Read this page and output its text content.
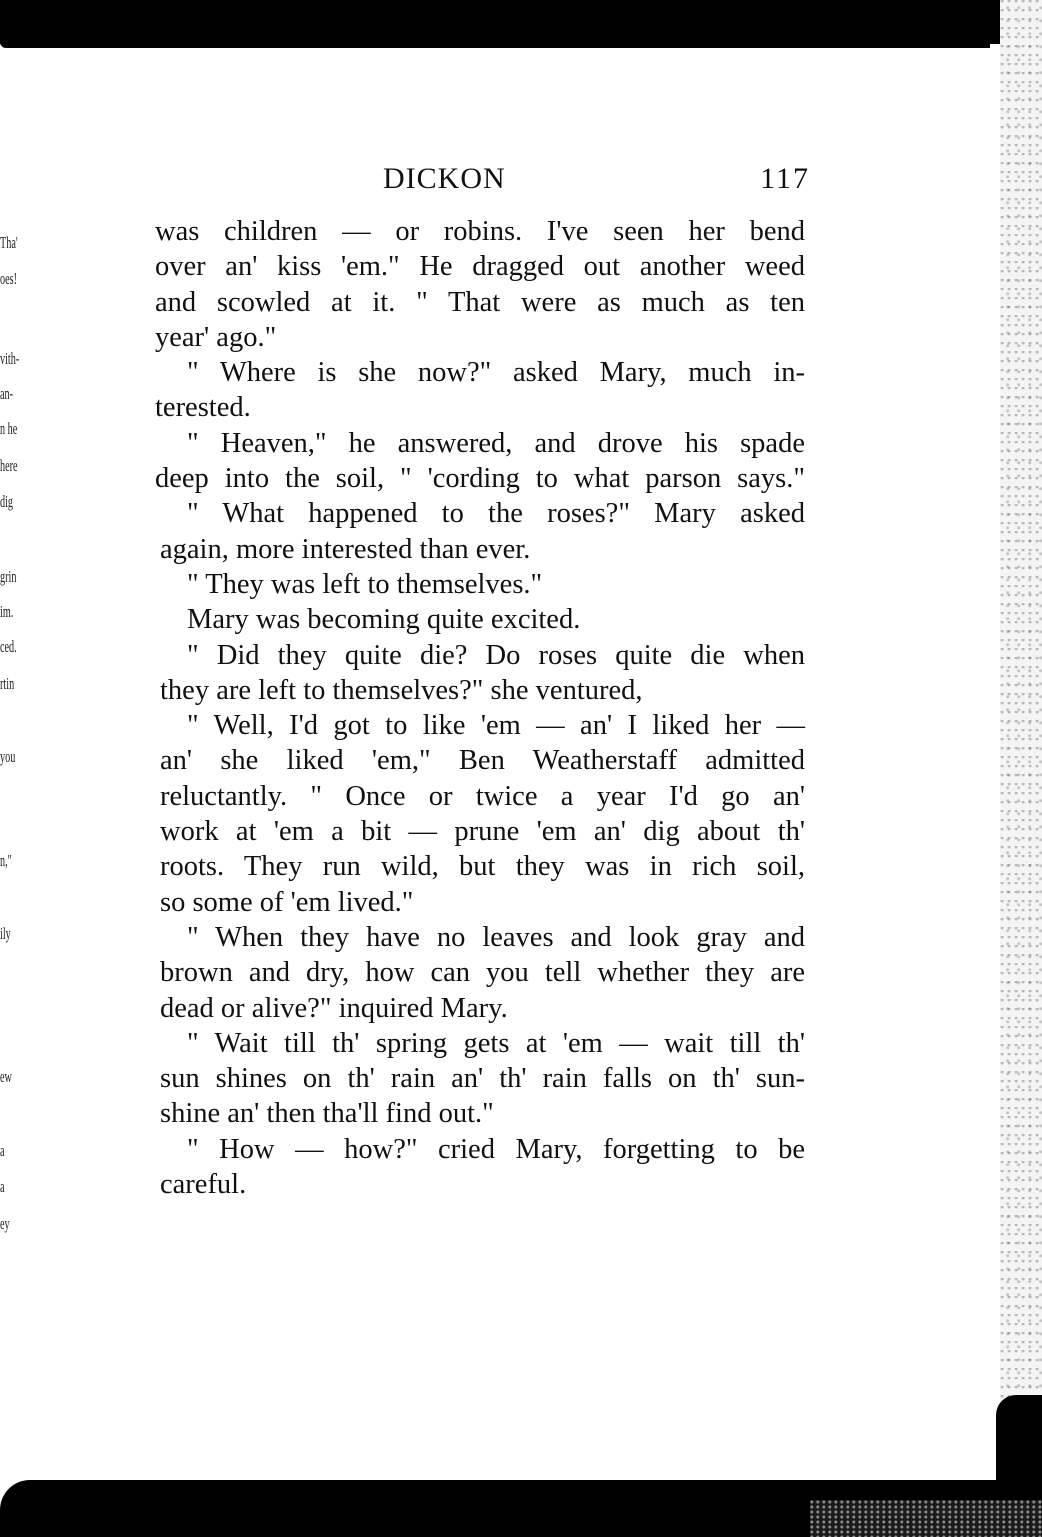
Tha'
oes!
vith-
an-
n he
here
dig
grin
im.
ced.
rtin
you
n,"
ily
ew
a
a
ey
DICKON	117
was children — or robins. I've seen her bend
over an' kiss 'em." He dragged out another weed
and scowled at it. " That were as much as ten
year' ago."
" Where is she now?" asked Mary, much in-
terested.
" Heaven," he answered, and drove his spade
deep into the soil, " 'cording to what parson says."
" What happened to the roses?" Mary asked
again, more interested than ever.
" They was left to themselves."
Mary was becoming quite excited.
" Did they quite die? Do roses quite die when
they are left to themselves?" she ventured,
" Well, I'd got to like 'em — an' I liked her —
an' she liked 'em," Ben Weatherstaff admitted
reluctantly. " Once or twice a year I'd go an'
work at 'em a bit — prune 'em an' dig about th'
roots. They run wild, but they was in rich soil,
so some of 'em lived."
" When they have no leaves and look gray and
brown and dry, how can you tell whether they are
dead or alive?" inquired Mary.
" Wait till th' spring gets at 'em — wait till th'
sun shines on th' rain an' th' rain falls on th' sun-
shine an' then tha'll find out."
" How — how?" cried Mary, forgetting to be
careful.
